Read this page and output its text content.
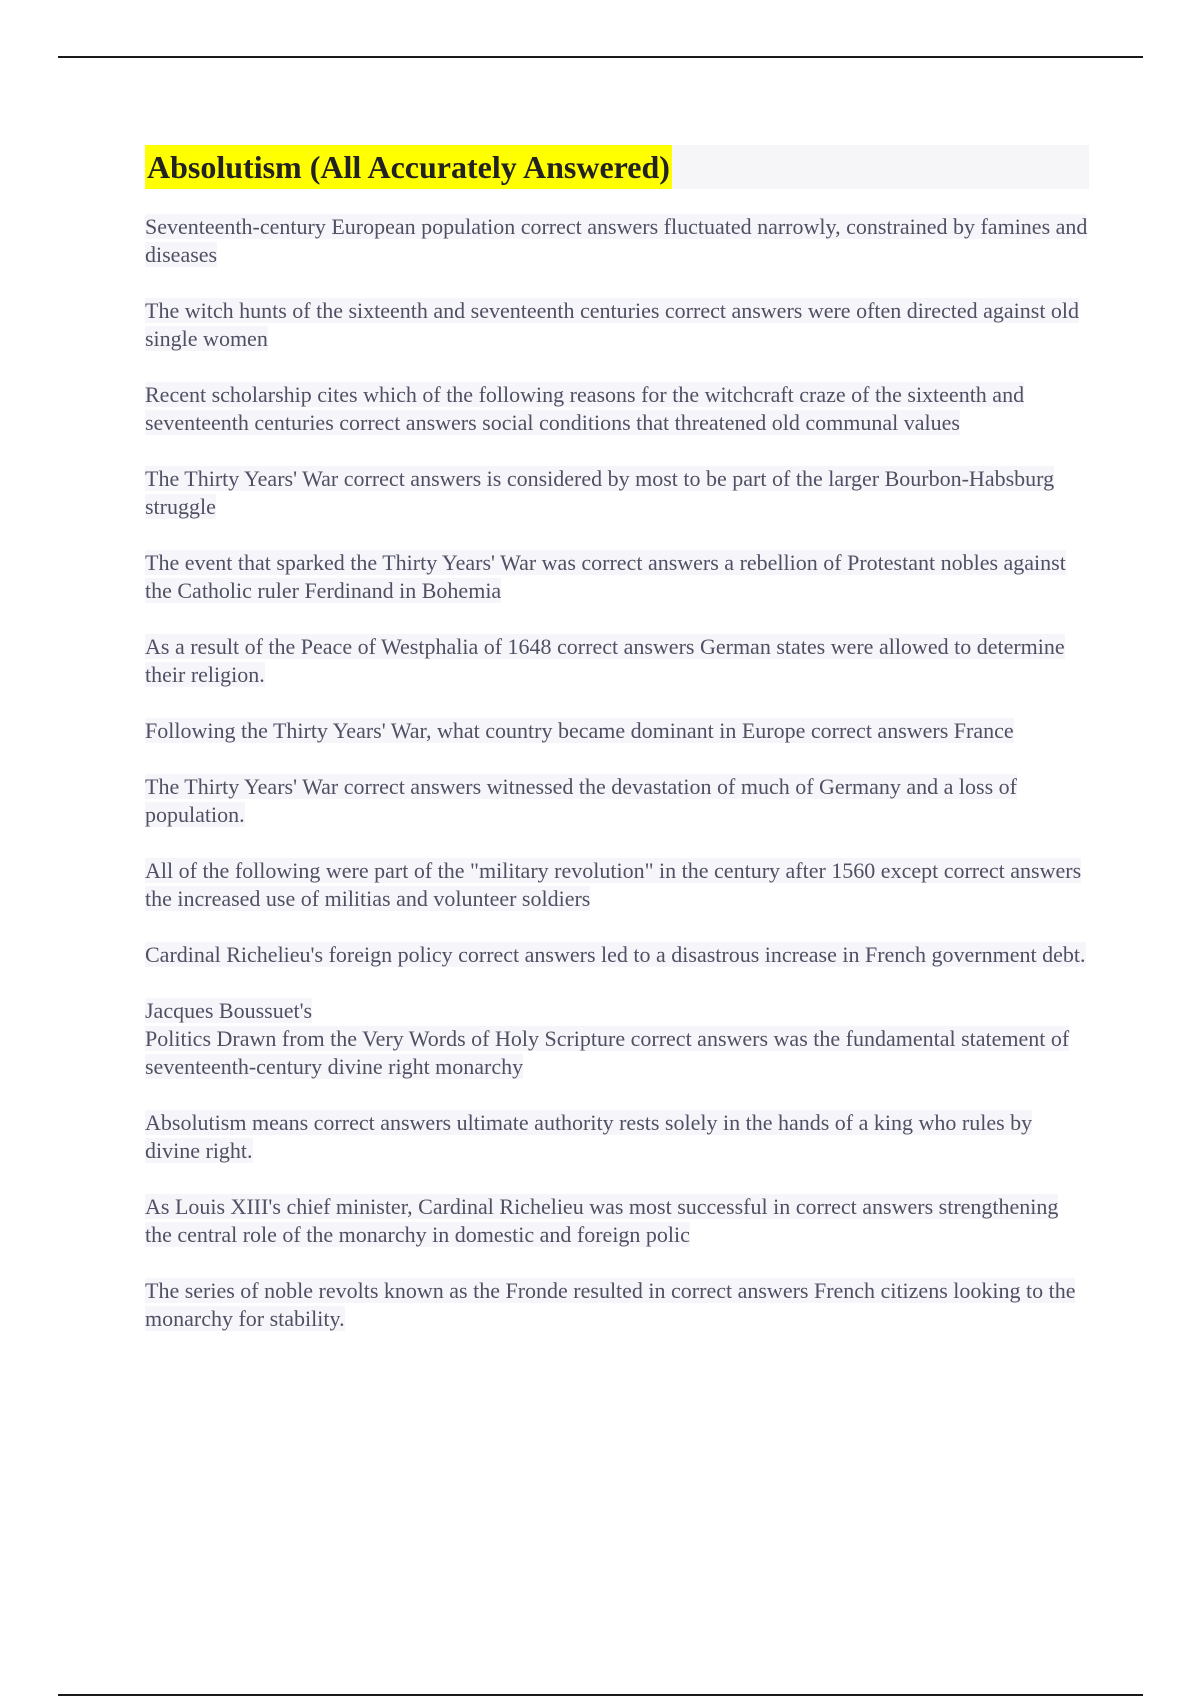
Absolutism (All Accurately Answered)

Seventeenth-century European population correct answers fluctuated narrowly, constrained by famines and diseases

The witch hunts of the sixteenth and seventeenth centuries correct answers were often directed against old single women

Recent scholarship cites which of the following reasons for the witchcraft craze of the sixteenth and seventeenth centuries correct answers social conditions that threatened old communal values

The Thirty Years' War correct answers is considered by most to be part of the larger Bourbon-Habsburg struggle

The event that sparked the Thirty Years' War was correct answers a rebellion of Protestant nobles against the Catholic ruler Ferdinand in Bohemia

As a result of the Peace of Westphalia of 1648 correct answers German states were allowed to determine their religion.

Following the Thirty Years' War, what country became dominant in Europe correct answers France

The Thirty Years' War correct answers witnessed the devastation of much of Germany and a loss of population.

All of the following were part of the "military revolution" in the century after 1560 except correct answers the increased use of militias and volunteer soldiers

Cardinal Richelieu's foreign policy correct answers led to a disastrous increase in French government debt.

Jacques Boussuet's
Politics Drawn from the Very Words of Holy Scripture correct answers was the fundamental statement of seventeenth-century divine right monarchy

Absolutism means correct answers ultimate authority rests solely in the hands of a king who rules by divine right.

As Louis XIII's chief minister, Cardinal Richelieu was most successful in correct answers strengthening the central role of the monarchy in domestic and foreign polic

The series of noble revolts known as the Fronde resulted in correct answers French citizens looking to the monarchy for stability.
